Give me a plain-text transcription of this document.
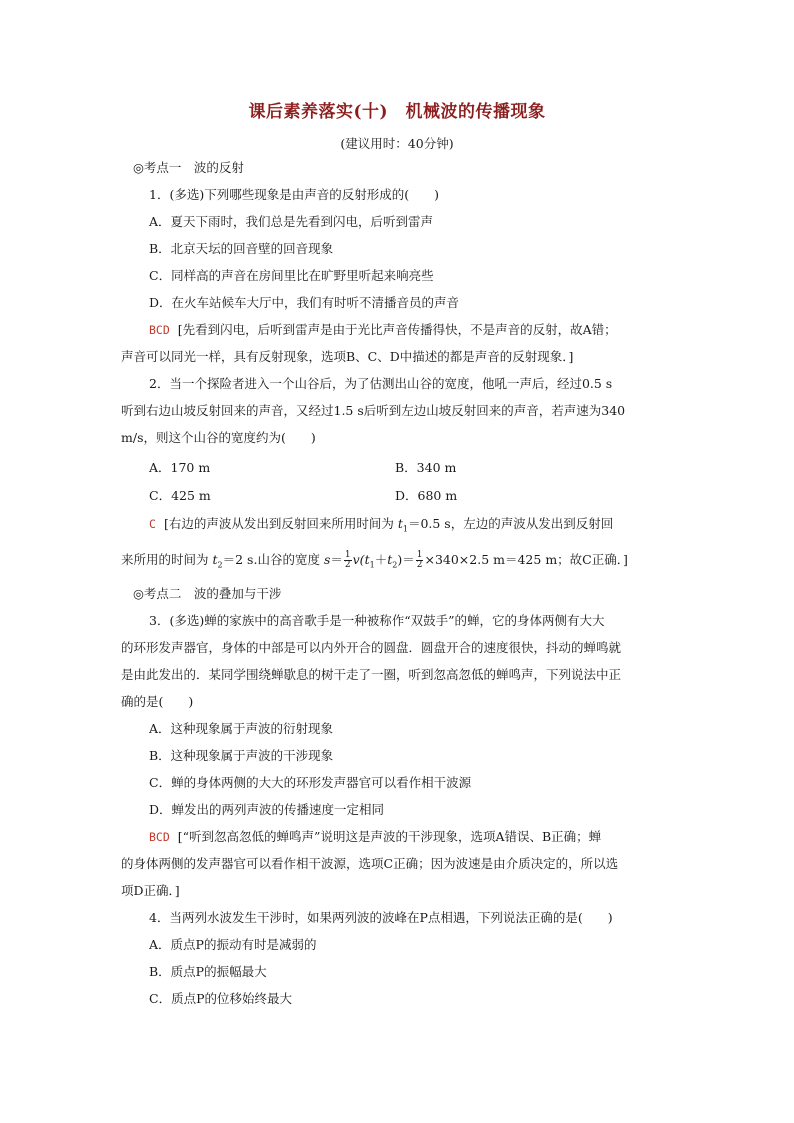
课后素养落实(十)　机械波的传播现象
(建议用时：40分钟)
◎考点一　波的反射
1．(多选)下列哪些现象是由声音的反射形成的(　　)
A．夏天下雨时，我们总是先看到闪电，后听到雷声
B．北京天坛的回音壁的回音现象
C．同样高的声音在房间里比在旷野里听起来响亮些
D．在火车站候车大厅中，我们有时听不清播音员的声音
BCD [先看到闪电，后听到雷声是由于光比声音传播得快，不是声音的反射，故A错；
声音可以同光一样，具有反射现象，选项B、C、D中描述的都是声音的反射现象．]
2．当一个探险者进入一个山谷后，为了估测出山谷的宽度，他吼一声后，经过0.5 s
听到右边山坡反射回来的声音，又经过1.5 s后听到左边山坡反射回来的声音，若声速为340
m/s，则这个山谷的宽度约为(　　)
A．170 m	B．340 m
C．425 m	D．680 m
C [右边的声波从发出到反射回来所用时间为 $t_1=0.5$ s，左边的声波从发出到反射回
来所用的时间为 $t_2=2$ s.山谷的宽度 $s= \frac{1}{2} v(t_1+t_2)= \frac{1}{2} \times 340\times 2.5$ m＝425 m；故C正确．]
◎考点二　波的叠加与干涉
3．(多选)蝉的家族中的高音歌手是一种被称作“双鼓手”的蝉，它的身体两侧有大大
的环形发声器官，身体的中部是可以内外开合的圆盘．圆盘开合的速度很快，抖动的蝉鸣就
是由此发出的．某同学围绕蝉歇息的树干走了一圈，听到忽高忽低的蝉鸣声，下列说法中正
确的是(　　)
A．这种现象属于声波的衍射现象
B．这种现象属于声波的干涉现象
C．蝉的身体两侧的大大的环形发声器官可以看作相干波源
D．蝉发出的两列声波的传播速度一定相同
BCD [“听到忽高忽低的蝉鸣声”说明这是声波的干涉现象，选项A错误、B正确；蝉
的身体两侧的发声器官可以看作相干波源，选项C正确；因为波速是由介质决定的，所以选
项D正确．]
4．当两列水波发生干涉时，如果两列波的波峰在P点相遇，下列说法正确的是(　　)
A．质点P的振动有时是减弱的
B．质点P的振幅最大
C．质点P的位移始终最大
